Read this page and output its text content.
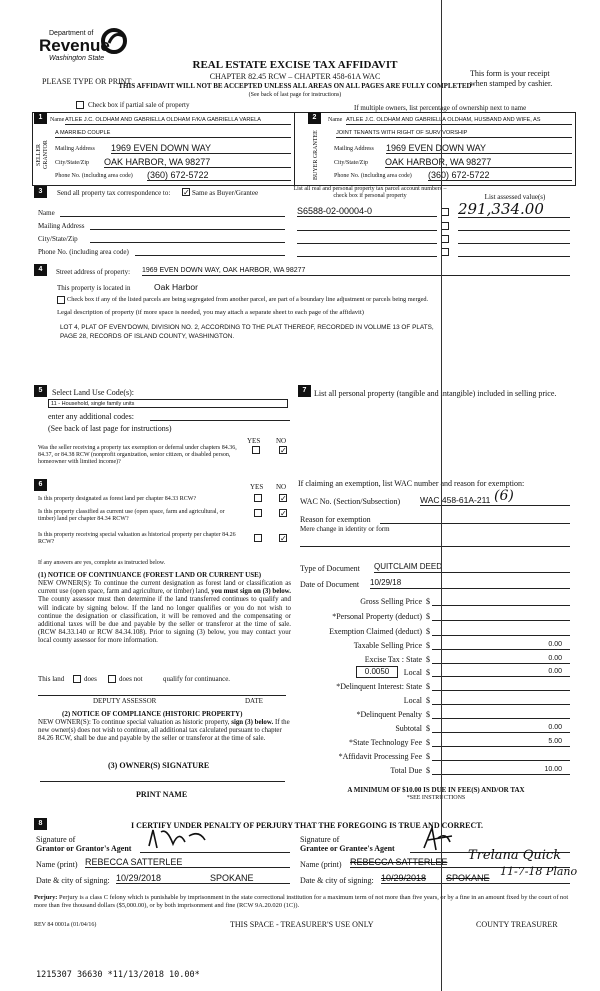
Department of
Revenue
Washington State
PLEASE TYPE OR PRINT
REAL ESTATE EXCISE TAX AFFIDAVIT
CHAPTER 82.45 RCW – CHAPTER 458-61A WAC
THIS AFFIDAVIT WILL NOT BE ACCEPTED UNLESS ALL AREAS ON ALL PAGES ARE FULLY COMPLETED
(See back of last page for instructions)
This form is your receipt
when stamped by cashier.
Check box if partial sale of property	If multiple owners, list percentage of ownership next to name
1	2
SELLER GRANTOR	BUYER GRANTEE
Name ATLEE J.C. OLDHAM AND GABRIELLA OLDHAM F/K/A GABRIELLA VARELA
A MARRIED COUPLE
Mailing Address 1969 EVEN DOWN WAY
City/State/Zip OAK HARBOR, WA 98277
Phone No. (including area code) (360) 672-5722
Name ATLEE J.C. OLDHAM AND GABRIELLA OLDHAM, HUSBAND AND WIFE, AS
JOINT TENANTS WITH RIGHT OF SURVIVORSHIP
Mailing Address 1969 EVEN DOWN WAY
City/State/Zip OAK HARBOR, WA 98277
Phone No. (including area code) (360) 672-5722
3	Send all property tax correspondence to: ✓ Same as Buyer/Grantee
Name
Mailing Address
City/State/Zip
Phone No. (including area code)
List all real and personal property tax parcel account numbers – check box if personal property
S6588-02-00004-0
List assessed value(s)
291,334.00
4	Street address of property: 1969 EVEN DOWN WAY, OAK HARBOR, WA 98277
This property is located in	Oak Harbor
Check box if any of the listed parcels are being segregated from another parcel, are part of a boundary line adjustment or parcels being merged.
Legal description of property (if more space is needed, you may attach a separate sheet to each page of the affidavit)
LOT 4, PLAT OF EVEN'DOWN, DIVISION NO. 2, ACCORDING TO THE PLAT THEREOF, RECORDED IN VOLUME 13 OF PLATS,
PAGE 28, RECORDS OF ISLAND COUNTY, WASHINGTON.
5	Select Land Use Code(s):
11 - Household, single family units
enter any additional codes:
(See back of last page for instructions)
YES NO
Was the seller receiving a property tax exemption or deferral under chapters 84.36, 84.37, or 84.38 RCW (nonprofit organization, senior citizen, or disabled person, homeowner with limited income)?
✓
6	YES NO
Is this property designated as forest land per chapter 84.33 RCW?	✓
Is this property classified as current use (open space, farm and agricultural, or timber) land per chapter 84.34 RCW?
✓
Is this property receiving special valuation as historical property per chapter 84.26 RCW?	✓
If any answers are yes, complete as instructed below.
(1) NOTICE OF CONTINUANCE (FOREST LAND OR CURRENT USE)
NEW OWNER(S): To continue the current designation as forest land or classification as current use (open space, farm and agriculture, or timber) land, you must sign on (3) below. The county assessor must then determine if the land transferred continues to qualify and will indicate by signing below. If the land no longer qualifies or you do not wish to continue the designation or classification, it will be removed and the compensating or additional taxes will be due and payable by the seller or transferor at the time of sale. (RCW 84.33.140 or RCW 84.34.108). Prior to signing (3) below, you may contact your local county assessor for more information.
This land	does	does not	qualify for continuance.
DEPUTY ASSESSOR	DATE
(2) NOTICE OF COMPLIANCE (HISTORIC PROPERTY)
NEW OWNER(S): To continue special valuation as historic property, sign (3) below. If the new owner(s) does not wish to continue, all additional tax calculated pursuant to chapter 84.26 RCW, shall be due and payable by the seller or transferor at the time of sale.
(3) OWNER(S) SIGNATURE
PRINT NAME
7 List all personal property (tangible and intangible) included in selling price.
If claiming an exemption, list WAC number and reason for exemption:
WAC No. (Section/Subsection) WAC 458-61A-211 (6)
Reason for exemption
Mere change in identity or form
Type of Document QUITCLAIM DEED
Date of Document 10/29/18
Gross Selling Price $
*Personal Property (deduct) $
Exemption Claimed (deduct) $
Taxable Selling Price $	0.00
Excise Tax : State $	0.00
0.0050	Local $	0.00
*Delinquent Interest: State $
Local $
*Delinquent Penalty $
Subtotal $	0.00
*State Technology Fee $	5.00
*Affidavit Processing Fee $
Total Due $	10.00
A MINIMUM OF $10.00 IS DUE IN FEE(S) AND/OR TAX
*SEE INSTRUCTIONS
8	I CERTIFY UNDER PENALTY OF PERJURY THAT THE FOREGOING IS TRUE AND CORRECT.
Signature of
Grantor or Grantor's Agent
Name (print) REBECCA SATTERLEE
Date & city of signing: 10/29/2018	SPOKANE
Signature of
Grantee or Grantee's Agent
Name (print) REBECCA SATTERLEE	Trelana Quick
Date & city of signing: 10/29/2018	SPOKANE 11-7-18 Plano
Perjury: Perjury is a class C felony which is punishable by imprisonment in the state correctional institution for a maximum term of not more than five years, or by a fine in an amount fixed by the court of not more than five thousand dollars ($5,000.00), or by both imprisonment and fine (RCW 9A.20.020 (1C)).
REV 84 0001a (01/04/16)	THIS SPACE - TREASURER'S USE ONLY	COUNTY TREASURER
1215307 36630 *11/13/2018 10.00*
